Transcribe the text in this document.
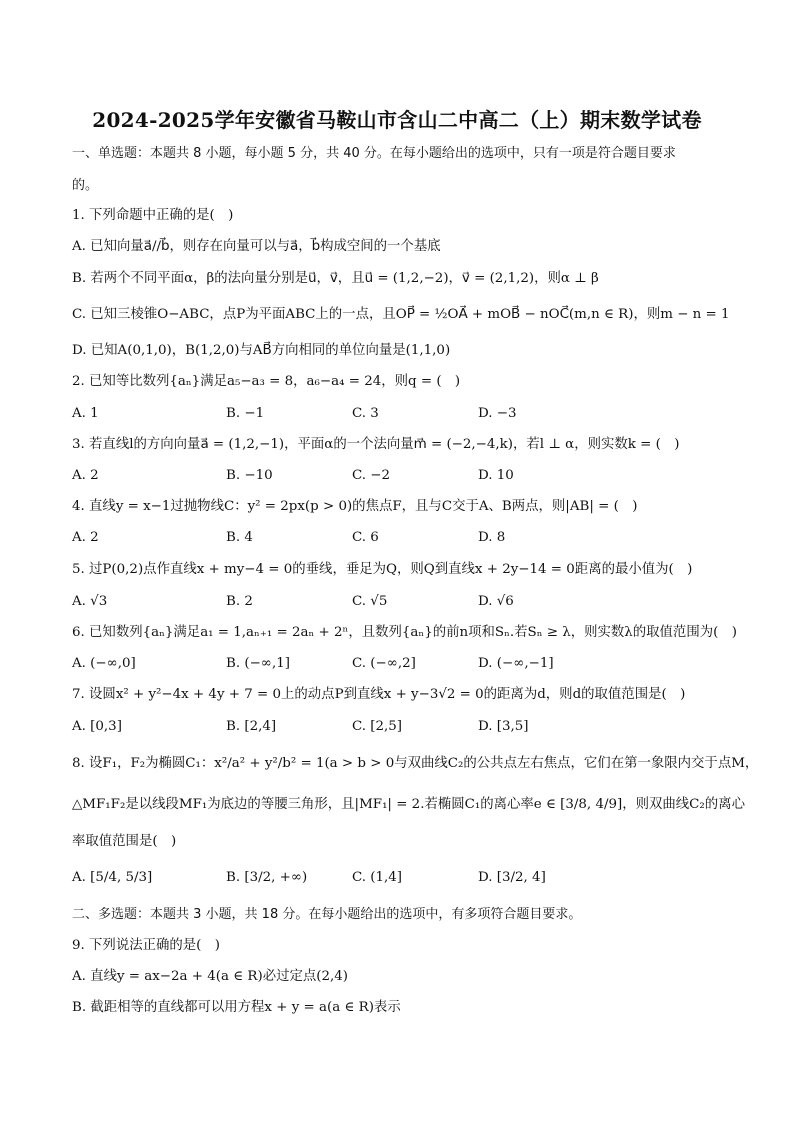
2024-2025学年安徽省马鞍山市含山二中高二（上）期末数学试卷
一、单选题：本题共 8 小题，每小题 5 分，共 40 分。在每小题给出的选项中，只有一项是符合题目要求
的。
1. 下列命题中正确的是(　)
A. 已知向量a⃗//b⃗，则存在向量可以与a⃗，b⃗构成空间的一个基底
B. 若两个不同平面α，β的法向量分别是u⃗，v⃗，且u⃗ = (1,2,−2)，v⃗ = (2,1,2)，则α ⊥ β
C. 已知三棱锥O−ABC，点P为平面ABC上的一点，且OP⃗ = ½OA⃗ + mOB⃗ − nOC⃗(m,n ∈ R)，则m − n = 1
D. 已知A(0,1,0)，B(1,2,0)与AB⃗方向相同的单位向量是(1,1,0)
2. 已知等比数列{aₙ}满足a₅−a₃ = 8，a₆−a₄ = 24，则q = (　)
A. 1	B. −1	C. 3	D. −3
3. 若直线l的方向向量a⃗ = (1,2,−1)，平面α的一个法向量m⃗ = (−2,−4,k)，若l ⊥ α，则实数k = (　)
A. 2	B. −10	C. −2	D. 10
4. 直线y = x−1过抛物线C：y² = 2px(p > 0)的焦点F，且与C交于A、B两点，则|AB| = (　)
A. 2	B. 4	C. 6	D. 8
5. 过P(0,2)点作直线x + my−4 = 0的垂线，垂足为Q，则Q到直线x + 2y−14 = 0距离的最小值为(　)
A. √3	B. 2	C. √5	D. √6
6. 已知数列{aₙ}满足a₁ = 1,aₙ₊₁ = 2aₙ + 2ⁿ，且数列{aₙ}的前n项和Sₙ.若Sₙ ≥ λ，则实数λ的取值范围为(　)
A. (−∞,0]	B. (−∞,1]	C. (−∞,2]	D. (−∞,−1]
7. 设圆x² + y²−4x + 4y + 7 = 0上的动点P到直线x + y−3√2 = 0的距离为d，则d的取值范围是(　)
A. [0,3]	B. [2,4]	C. [2,5]	D. [3,5]
8. 设F₁，F₂为椭圆C₁：x²/a² + y²/b² = 1(a > b > 0与双曲线C₂的公共点左右焦点，它们在第一象限内交于点M，
△MF₁F₂是以线段MF₁为底边的等腰三角形，且|MF₁| = 2.若椭圆C₁的离心率e ∈ [3/8, 4/9]，则双曲线C₂的离心
率取值范围是(　)
A. [5/4, 5/3]	B. [3/2, +∞)	C. (1,4]	D. [3/2, 4]
二、多选题：本题共 3 小题，共 18 分。在每小题给出的选项中，有多项符合题目要求。
9. 下列说法正确的是(　)
A. 直线y = ax−2a + 4(a ∈ R)必过定点(2,4)
B. 截距相等的直线都可以用方程x + y = a(a ∈ R)表示
